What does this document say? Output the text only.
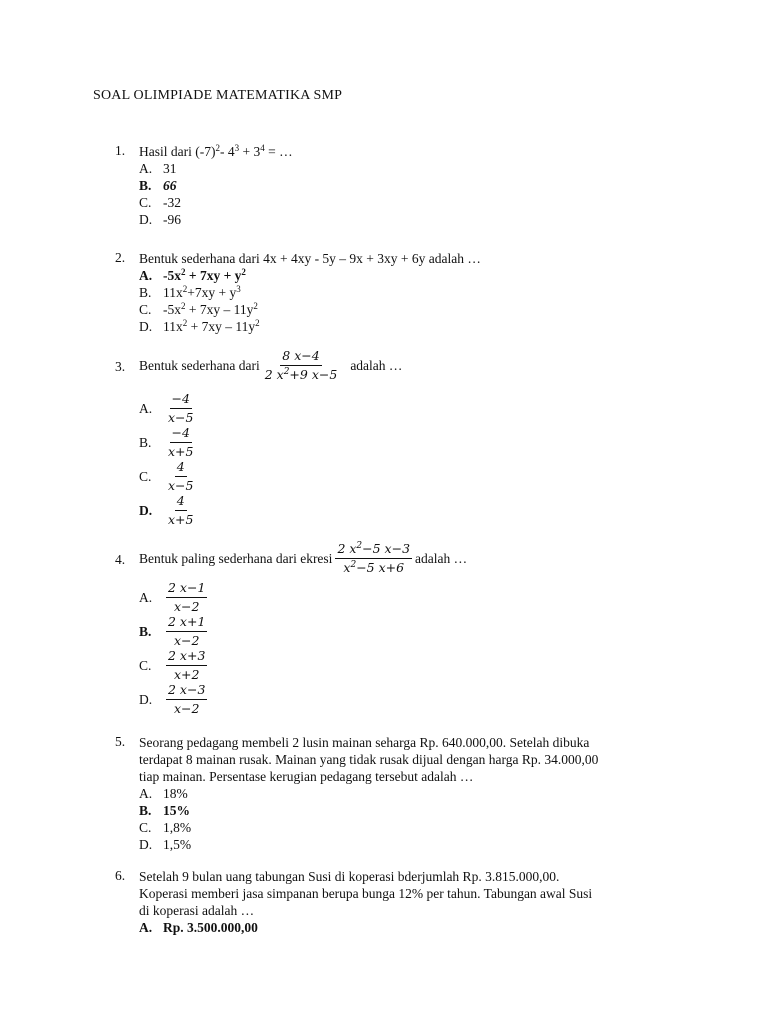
SOAL OLIMPIADE MATEMATIKA SMP
1.	Hasil dari $(-7)^2-$ $4^3 + 3^4$ = …
A. 31
B. 66
C. -32
D. -96
2.	Bentuk sederhana dari 4x + 4xy - 5y – 9x + 3xy + 6y adalah …
A. $-5x^2 + 7xy + y^2$
B. $11x^2+7xy + y^3$
C. $-5x^2 + 7xy - 11y^2$
D. $11x^2 + 7xy - 11y^2$
3.	Bentuk sederhana dari $\frac{8 x-4}{2 x^2+9 x-5}$ adalah …
A. $\frac{-4}{x-5}$
B. $\frac{-4}{x+5}$
C. $\frac{4}{x-5}$
D. $\frac{4}{x+5}$
4.	Bentuk paling sederhana dari ekresi $\frac{2 x^2-5 x-3}{x^2-5 x+6}$ adalah …
A. $\frac{2 x-1}{x-2}$
B. $\frac{2 x+1}{x-2}$
C. $\frac{2 x+3}{x+2}$
D. $\frac{2 x-3}{x-2}$
5.	Seorang pedagang membeli 2 lusin mainan seharga Rp. 640.000,00. Setelah dibuka
terdapat 8 mainan rusak. Mainan yang tidak rusak dijual dengan harga Rp. 34.000,00
tiap mainan. Persentase kerugian pedagang tersebut adalah …
A. 18%
B. 15%
C. 1,8%
D. 1,5%
6.	Setelah 9 bulan uang tabungan Susi di koperasi bderjumlah Rp. 3.815.000,00.
Koperasi memberi jasa simpanan berupa bunga 12% per tahun. Tabungan awal Susi
di koperasi adalah …
A. Rp. 3.500.000,00
